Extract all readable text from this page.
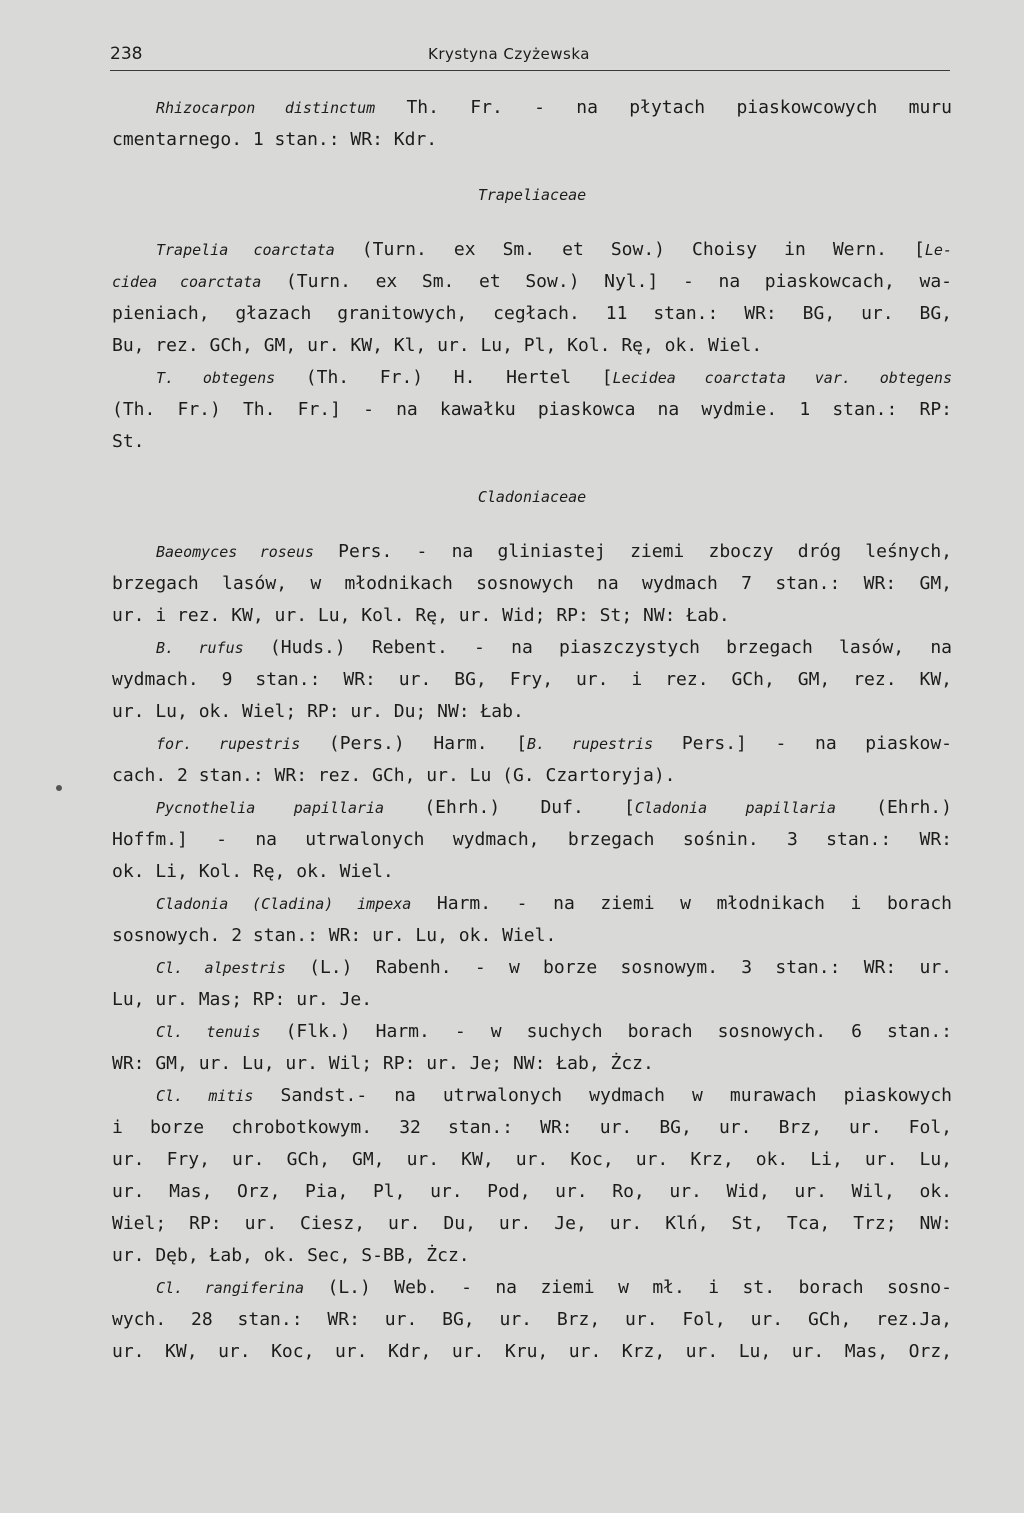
238	Krystyna Czyżewska
Rhizocarpon distinctum Th. Fr. - na płytach piaskowcowych muru
cmentarnego. 1 stan.: WR: Kdr.
Trapeliaceae
Trapelia coarctata (Turn. ex Sm. et Sow.) Choisy in Wern. [Le-
cidea coarctata (Turn. ex Sm. et Sow.) Nyl.] - na piaskowcach, wa-
pieniach, głazach granitowych, cegłach. 11 stan.: WR: BG, ur. BG,
Bu, rez. GCh, GM, ur. KW, Kl, ur. Lu, Pl, Kol. Rę, ok. Wiel.
T. obtegens (Th. Fr.) H. Hertel [Lecidea coarctata var. obtegens
(Th. Fr.) Th. Fr.] - na kawałku piaskowca na wydmie. 1 stan.: RP:
St.
Cladoniaceae
Baeomyces roseus Pers. - na gliniastej ziemi zboczy dróg leśnych,
brzegach lasów, w młodnikach sosnowych na wydmach 7 stan.: WR: GM,
ur. i rez. KW, ur. Lu, Kol. Rę, ur. Wid; RP: St; NW: Łab.
B. rufus (Huds.) Rebent. - na piaszczystych brzegach lasów, na
wydmach. 9 stan.: WR: ur. BG, Fry, ur. i rez. GCh, GM, rez. KW,
ur. Lu, ok. Wiel; RP: ur. Du; NW: Łab.
for. rupestris (Pers.) Harm. [B. rupestris Pers.] - na piaskow-
cach. 2 stan.: WR: rez. GCh, ur. Lu (G. Czartoryja).
Pycnothelia papillaria (Ehrh.) Duf. [Cladonia papillaria (Ehrh.)
Hoffm.] - na utrwalonych wydmach, brzegach sośnin. 3 stan.: WR:
ok. Li, Kol. Rę, ok. Wiel.
Cladonia (Cladina) impexa Harm. - na ziemi w młodnikach i borach
sosnowych. 2 stan.: WR: ur. Lu, ok. Wiel.
Cl. alpestris (L.) Rabenh. - w borze sosnowym. 3 stan.: WR: ur.
Lu, ur. Mas; RP: ur. Je.
Cl. tenuis (Flk.) Harm. - w suchych borach sosnowych. 6 stan.:
WR: GM, ur. Lu, ur. Wil; RP: ur. Je; NW: Łab, Żcz.
Cl. mitis Sandst.- na utrwalonych wydmach w murawach piaskowych
i borze chrobotkowym. 32 stan.: WR: ur. BG, ur. Brz, ur. Fol,
ur. Fry, ur. GCh, GM, ur. KW, ur. Koc, ur. Krz, ok. Li, ur. Lu,
ur. Mas, Orz, Pia, Pl, ur. Pod, ur. Ro, ur. Wid, ur. Wil, ok.
Wiel; RP: ur. Ciesz, ur. Du, ur. Je, ur. Klń, St, Tca, Trz; NW:
ur. Dęb, Łab, ok. Sec, S-BB, Żcz.
Cl. rangiferina (L.) Web. - na ziemi w mł. i st. borach sosno-
wych. 28 stan.: WR: ur. BG, ur. Brz, ur. Fol, ur. GCh, rez.Ja,
ur. KW, ur. Koc, ur. Kdr, ur. Kru, ur. Krz, ur. Lu, ur. Mas, Orz,
